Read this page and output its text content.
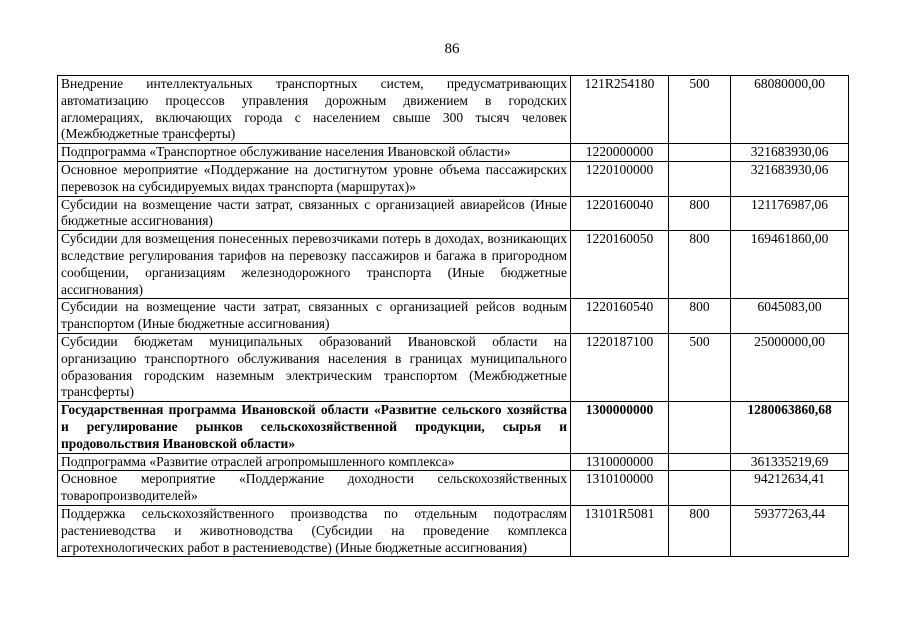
86
Внедрение интеллектуальных транспортных систем, предусматривающих автоматизацию процессов управления дорожным движением в городских агломерациях, включающих города с населением свыше 300 тысяч человек (Межбюджетные трансферты)	121R254180	500	68080000,00
Подпрограмма «Транспортное обслуживание населения Ивановской области»	1220000000		321683930,06
Основное мероприятие «Поддержание на достигнутом уровне объема пассажирских перевозок на субсидируемых видах транспорта (маршрутах)»	1220100000		321683930,06
Субсидии на возмещение части затрат, связанных с организацией авиарейсов (Иные бюджетные ассигнования)	1220160040	800	121176987,06
Субсидии для возмещения понесенных перевозчиками потерь в доходах, возникающих вследствие регулирования тарифов на перевозку пассажиров и багажа в пригородном сообщении, организациям железнодорожного транспорта (Иные бюджетные ассигнования)	1220160050	800	169461860,00
Субсидии на возмещение части затрат, связанных с организацией рейсов водным транспортом (Иные бюджетные ассигнования)	1220160540	800	6045083,00
Субсидии бюджетам муниципальных образований Ивановской области на организацию транспортного обслуживания населения в границах муниципального образования городским наземным электрическим транспортом (Межбюджетные трансферты)	1220187100	500	25000000,00
Государственная программа Ивановской области «Развитие сельского хозяйства и регулирование рынков сельскохозяйственной продукции, сырья и продовольствия Ивановской области»	1300000000		1280063860,68
Подпрограмма «Развитие отраслей агропромышленного комплекса»	1310000000		361335219,69
Основное мероприятие «Поддержание доходности сельскохозяйственных товаропроизводителей»	1310100000		94212634,41
Поддержка сельскохозяйственного производства по отдельным подотраслям растениеводства и животноводства (Субсидии на проведение комплекса агротехнологических работ в растениеводстве) (Иные бюджетные ассигнования)	13101R5081	800	59377263,44
